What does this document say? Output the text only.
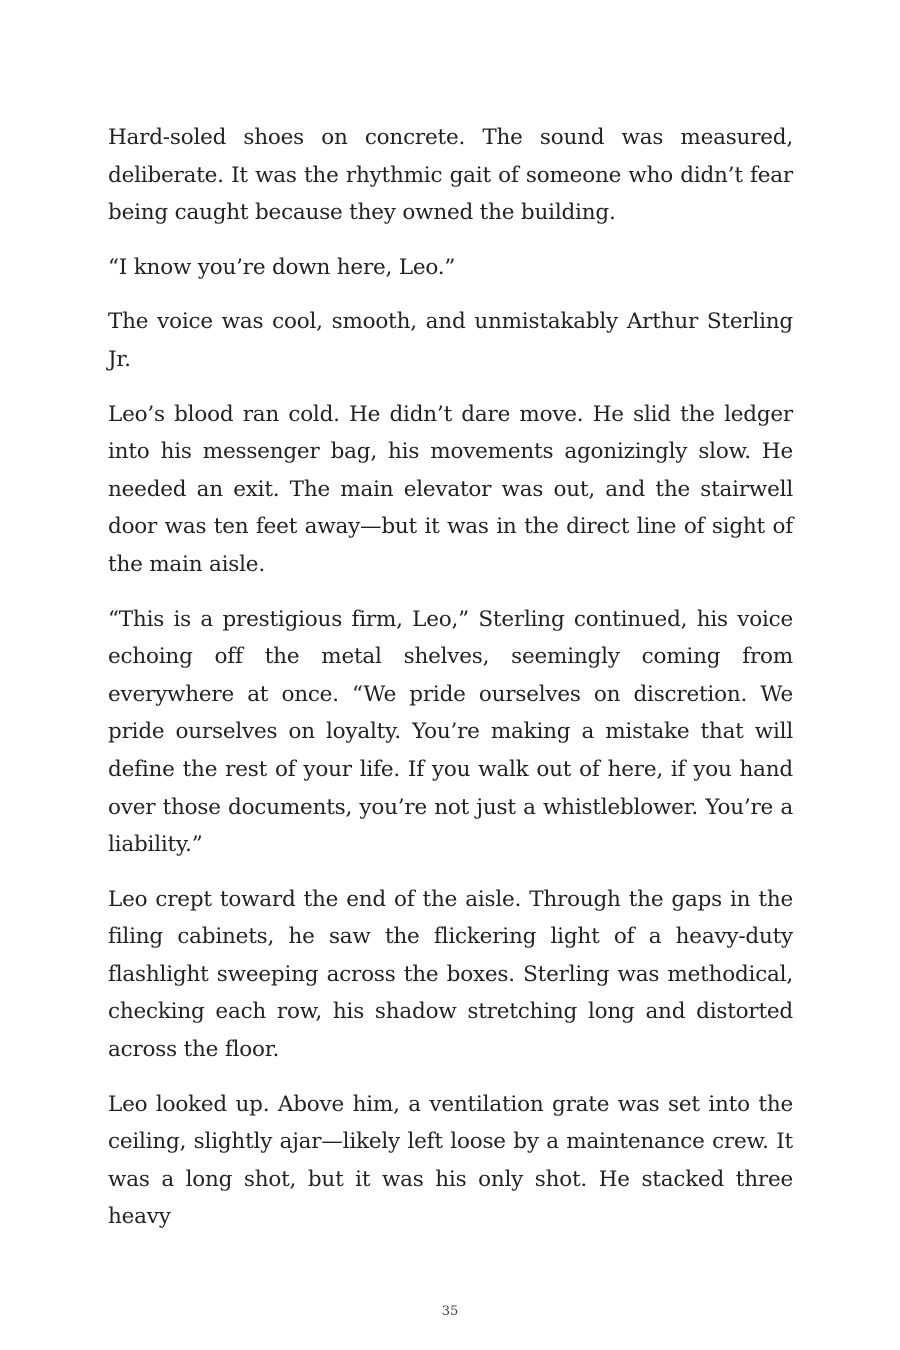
Hard-soled shoes on concrete. The sound was measured, deliberate. It was the rhythmic gait of someone who didn’t fear being caught because they owned the building.

“I know you’re down here, Leo.”

The voice was cool, smooth, and unmistakably Arthur Sterling Jr.

Leo’s blood ran cold. He didn’t dare move. He slid the ledger into his messenger bag, his movements agonizingly slow. He needed an exit. The main elevator was out, and the stairwell door was ten feet away—but it was in the direct line of sight of the main aisle.

“This is a prestigious firm, Leo,” Sterling continued, his voice echoing off the metal shelves, seemingly coming from everywhere at once. “We pride ourselves on discretion. We pride ourselves on loyalty. You’re making a mistake that will define the rest of your life. If you walk out of here, if you hand over those documents, you’re not just a whistleblower. You’re a liability.”

Leo crept toward the end of the aisle. Through the gaps in the filing cabinets, he saw the flickering light of a heavy-duty flashlight sweeping across the boxes. Sterling was methodical, checking each row, his shadow stretching long and distorted across the floor.

Leo looked up. Above him, a ventilation grate was set into the ceiling, slightly ajar—likely left loose by a maintenance crew. It was a long shot, but it was his only shot. He stacked three heavy

35
